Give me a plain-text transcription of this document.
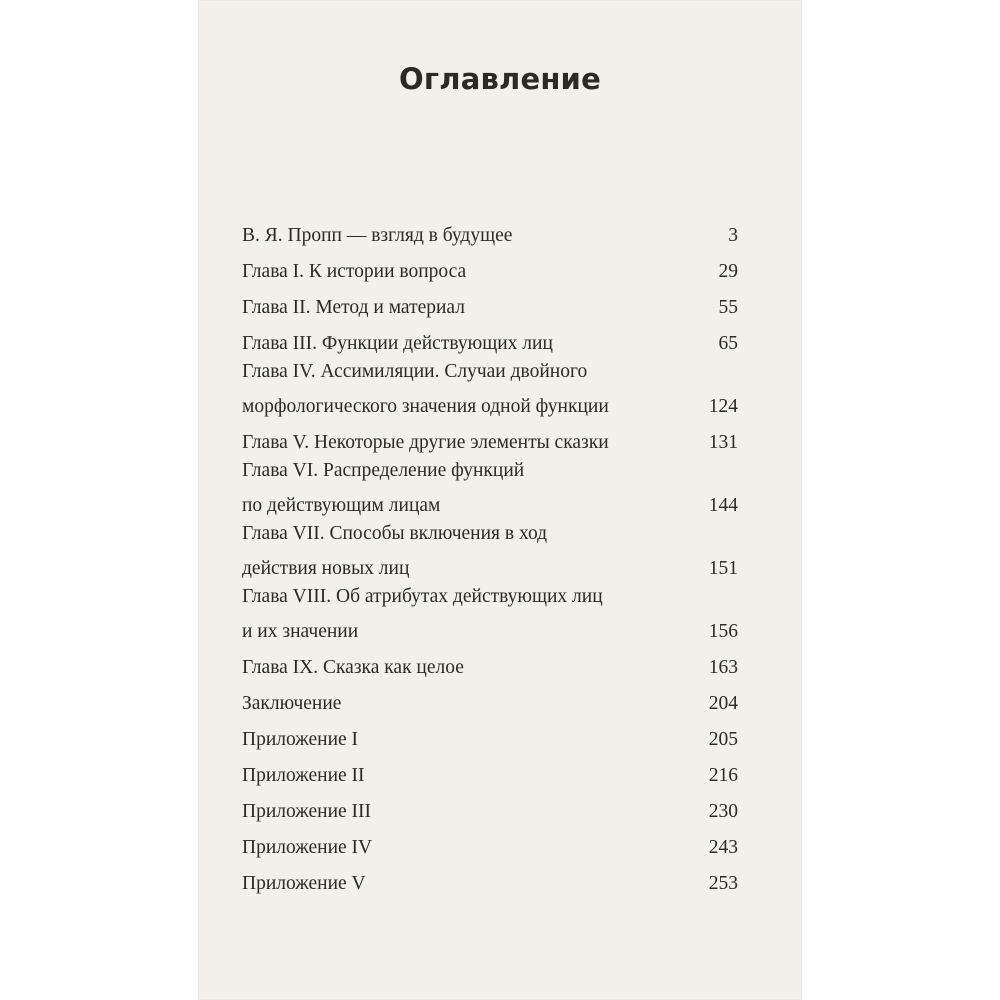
Оглавление
В. Я. Пропп — взгляд в будущее	3
Глава I. К истории вопроса	29
Глава II. Метод и материал	55
Глава III. Функции действующих лиц	65
Глава IV. Ассимиляции. Случаи двойного
морфологического значения одной функции	124
Глава V. Некоторые другие элементы сказки	131
Глава VI. Распределение функций
по действующим лицам	144
Глава VII. Способы включения в ход
действия новых лиц	151
Глава VIII. Об атрибутах действующих лиц
и их значении	156
Глава IX. Сказка как целое	163
Заключение	204
Приложение I	205
Приложение II	216
Приложение III	230
Приложение IV	243
Приложение V	253
